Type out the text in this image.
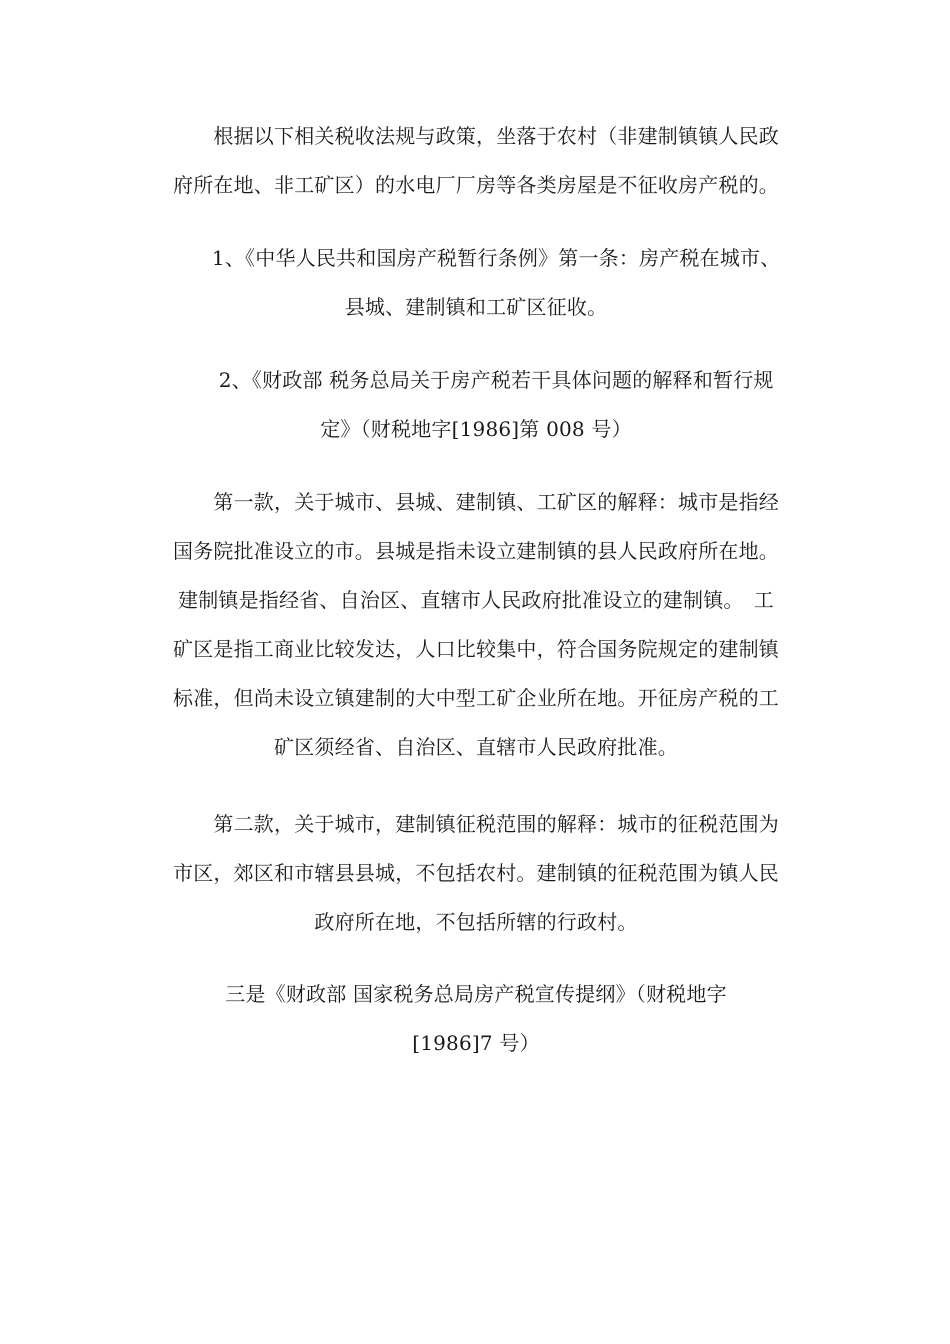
　　根据以下相关税收法规与政策，坐落于农村（非建制镇镇人民政
府所在地、非工矿区）的水电厂厂房等各类房屋是不征收房产税的。
　　1、《中华人民共和国房产税暂行条例》第一条：房产税在城市、
县城、建制镇和工矿区征收。
　　2、《财政部 税务总局关于房产税若干具体问题的解释和暂行规
定》（财税地字[1986]第 008 号）
　　第一款，关于城市、县城、建制镇、工矿区的解释：城市是指经
国务院批准设立的市。县城是指未设立建制镇的县人民政府所在地。
建制镇是指经省、自治区、直辖市人民政府批准设立的建制镇。　工
矿区是指工商业比较发达，人口比较集中，符合国务院规定的建制镇
标准，但尚未设立镇建制的大中型工矿企业所在地。开征房产税的工
矿区须经省、自治区、直辖市人民政府批准。
　　第二款，关于城市，建制镇征税范围的解释：城市的征税范围为
市区，郊区和市辖县县城，不包括农村。建制镇的征税范围为镇人民
政府所在地，不包括所辖的行政村。
三是《财政部 国家税务总局房产税宣传提纲》（财税地字
[1986]7 号）
